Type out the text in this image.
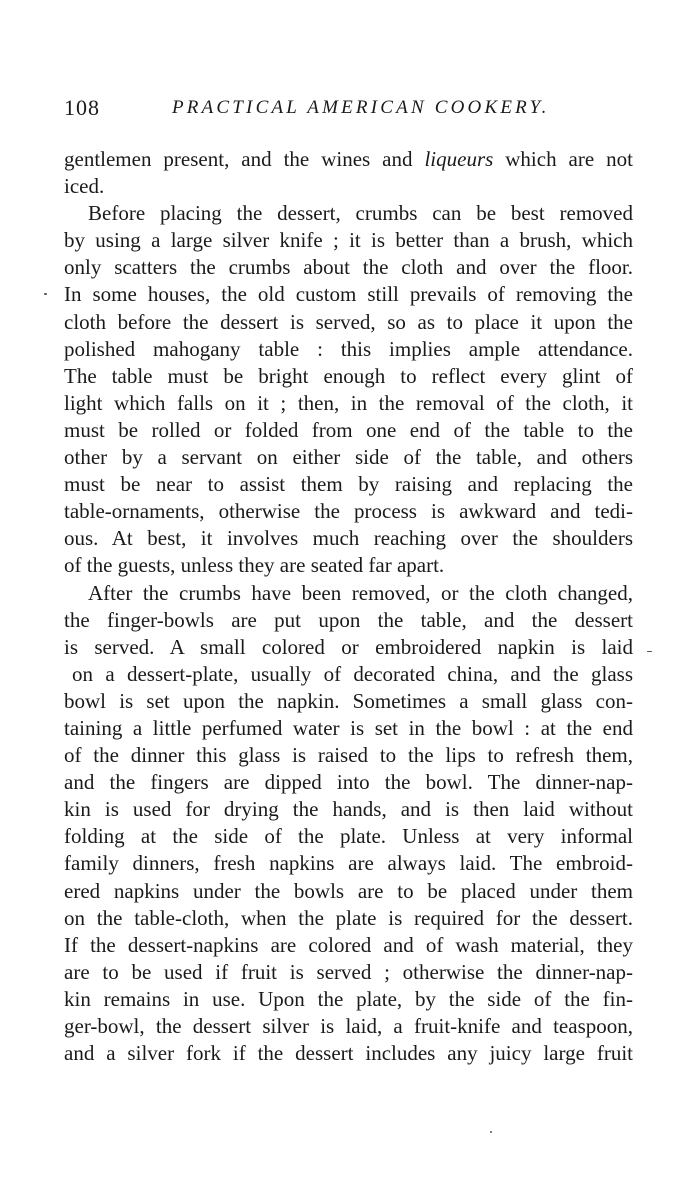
108	PRACTICAL AMERICAN COOKERY.
gentlemen present, and the wines and liqueurs which are not
iced.
Before placing the dessert, crumbs can be best removed
by using a large silver knife ; it is better than a brush, which
only scatters the crumbs about the cloth and over the floor.
In some houses, the old custom still prevails of removing the
cloth before the dessert is served, so as to place it upon the
polished mahogany table : this implies ample attendance.
The table must be bright enough to reflect every glint of
light which falls on it ; then, in the removal of the cloth, it
must be rolled or folded from one end of the table to the
other by a servant on either side of the table, and others
must be near to assist them by raising and replacing the
table-ornaments, otherwise the process is awkward and tedi-
ous. At best, it involves much reaching over the shoulders
of the guests, unless they are seated far apart.
After the crumbs have been removed, or the cloth changed,
the finger-bowls are put upon the table, and the dessert
is served. A small colored or embroidered napkin is laid
on a dessert-plate, usually of decorated china, and the glass
bowl is set upon the napkin. Sometimes a small glass con-
taining a little perfumed water is set in the bowl : at the end
of the dinner this glass is raised to the lips to refresh them,
and the fingers are dipped into the bowl. The dinner-nap-
kin is used for drying the hands, and is then laid without
folding at the side of the plate. Unless at very informal
family dinners, fresh napkins are always laid. The embroid-
ered napkins under the bowls are to be placed under them
on the table-cloth, when the plate is required for the dessert.
If the dessert-napkins are colored and of wash material, they
are to be used if fruit is served ; otherwise the dinner-nap-
kin remains in use. Upon the plate, by the side of the fin-
ger-bowl, the dessert silver is laid, a fruit-knife and teaspoon,
and a silver fork if the dessert includes any juicy large fruit
